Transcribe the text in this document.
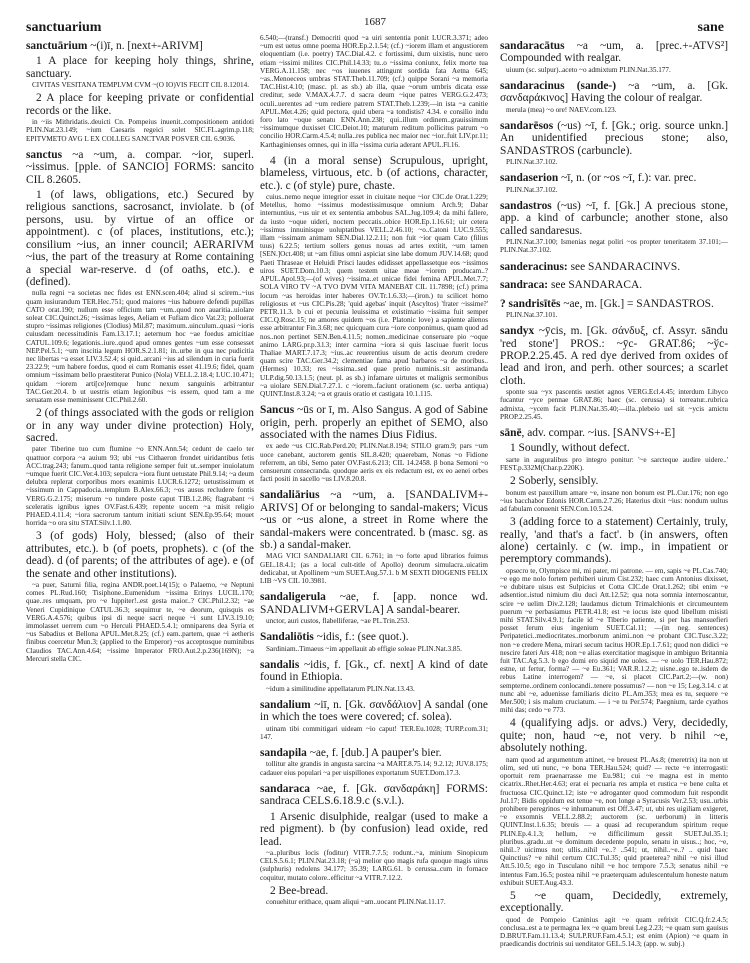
sanctuarium	1687	sane

sanctuārium ~(i)ī, n. [next+-ARIVM]

1 A place for keeping holy things, shrine, sanctuary.

CIVITAS VESITANA TEMPLVM CVM ~(O IO)VIS FECIT CIL 8.12014.

2 A place for keeping private or confidential records or the like.

in ~iis Mithridatis..deuicti Cn. Pompeius inuenit..compositionem antidoti PLIN.Nat.23.149; ~ium Caesaris regeici solet SIC.FL.agrim.p.118; EPITVMETO AVG L EX COLLEG SANCTVAR POSVER CIL 6.9036.

sanctus ~a ~um, a. compar. ~ior, superl. ~issimus. [pple. of SANCIO] FORMS: sancito CIL 8.2605.

1 (of laws, obligations, etc.) Secured by religious sanctions, sacrosanct, inviolate. b (of persons, usu. by virtue of an office or appointment). c (of places, institutions, etc.); consilium ~ius, an inner council; AERARIVM ~ius, the part of the treasury at Rome containing a special war-reserve. d (of oaths, etc.). e (defined).

nulla regni ~a societas nec fides est ENN.scen.404; aliud si scirem..~ius quam iusiurandum TER.Hec.751; quod maiores ~ius habuere defendi pupillas CATO orat.190; nullum esse officium tam ~um..quod non auaritia..uiolare soleat CIC.Quinct.26; ~issimas leges, Aeliam et Fufiam dico Vat.23; polluerat stupro ~issimas religiones (Clodius) Mil.87; maximum..uinculum..quasi ~ioris cuiusdam necessitudinis Fam.13.17.1; aeternum hoc ~ae foedus amicitiae CATUL.109.6; legationis..iure..quod apud omnes gentes ~um esse consesset NEP.Pel.5.1; ~um inscitia legum HOR.S.2.1.81; in..urbe in qua nec pudicitia nec libertas ~a esset LIV.3.52.4; si quid..arcani ~ius ad silendum in curia fuerit 23.22.9; ~um habere foedus, quod ei cum Romanis esset 41.19.6; fidei, quam omnium ~issimam bello praestiterat Punico (Nola) VELL.2.18.4; LUC.10.471; quidam ~iorem arti[ce]remque hunc nexum sanguinis arbitrantur TAC.Ger.20.4. b ut uestris etiam legionibus ~is essem, quod tam a me seruatam esse meminissent CIC.Phil.2.60.

2 (of things associated with the gods or religion or in any way under divine protection) Holy, sacred.

pater Tiberine tuo cum flumine ~o ENN.Ann.54; cedunt de caelo ter quattuor corpora ~a auium 93; ubi ~us Cithaeron frondet uiridantibus fetis ACC.trag.243; fanum..quod tanta religione semper fuit ut..semper inuiolatum ~umque fuerit CIC.Ver.4.103; sepulcra ~iora fiunt uetustate Phil.9.14; ~a deum delubra replerat corporibus mors exanimis LUCR.6.1272; uetustissimum et ~issimum in Cappadocia..templum B.Alex.66.3; ~os ausus recludere fontis VERG.G.2.175; miserum ~o tundere poste caput TIB.1.2.86; flagrabant ~i sceleratis ignibus ignes OV.Fast.6.439; repente uocem ~a misit religio PHAED.4.11.4; ~iora sacrorum tantum initiati sciunt SEN.Ep.95.64; mouet horrida ~o ora situ STAT.Silv.1.1.80.

3 (of gods) Holy, blessed; (also of their attributes, etc.). b (of poets, prophets). c (of the dead). d (of parents; of the attributes of age). e (of the senate and other institutions).

~a puer, Saturni filia, regina ANDR.poet.14(15); o Palaemo, ~e Neptuni comes PL.Rud.160; Tisiphone..Eumenidum ~issima Erinys LUCIL.170; quae..res umquam, pro ~e Iuppiter!..est gesta maior..? CIC.Phil.2.32; ~ae Veneri Cupidinique CATUL.36.3; sequimur te, ~e deorum, quisquis es VERG.A.4.576; quibus ipsi di neque sacri neque ~i sunt LIV.3.19.10; immolasset uerrem cum ~o Herculi PHAED.5.4.1; omniparens dea Syria et ~us Sabadius et Bellona APUL.Met.8.25; (cf.) eam..partem, quae ~i aetheris finibus coercetur Mun.3; (applied to the Emperor) ~os acceptosque numinibus Claudios TAC.Ann.4.64; ~issime Imperator FRO.Aut.2.p.236(169N); ~a Mercuri stella CIC.

6.540;—(transf.) Democriti quod ~a uiri sententia ponit LUCR.3.371; adeo ~um est uetus omne poema HOR.Ep.2.1.54; (cf.) ~iorem illam et angustiorem eloquentiam (i.e. poetry) TAC.Dial.4.2. c fortissimi, dum uixistis, nunc uero etiam ~issimi milites CIC.Phil.14.33; tu..o ~issima coniunx, felix morte tua VERG.A.11.158; nec ~os iuuenes attingunt sordida fata Aetna 645; ~as..Menoeceos umbras STAT.Theb.11.709; (cf.) quippe Sorani ~a memoria TAC.Hist.4.10; (masc. pl. as sb.) ab illa, quae ~orum umbris dicata esse creditur, sede V.MAX.4.7.7. d sacra deum ~ique patres VERG.G.2.473; oculi..uerentes ad ~um rediere patrem STAT.Theb.1.239;—in ista ~a canitie APUL.Met.4.26; quid pectora, quid ubera ~a tondistis? 4.34. e consilio indu foro lato ~oque senatu ENN.Ann.238; qui..illum ordinem..grauissimum ~issimumque duxisset CIC.Deiot.10; maturum reditum pollicitus patrum ~o concilio HOR.Carm.4.5.4; nulla..res publica nec maior nec ~ior..fuit LIV.pr.11; Karthaginienses omnes, qui in illa ~issima curia aderant APUL.Fl.16.

4 (in a moral sense) Scrupulous, upright, blameless, virtuous, etc. b (of actions, character, etc.). c (of style) pure, chaste.

cuius..nemo neque integrior esset in ciuitate neque ~ior CIC.de Orat.1.229; Metellus, homo ~issimus modestissimusque omnium Arch.9; Dabar internuntius, ~us uir et ex sententia ambobus SAL.Jug.109.4; da mihi fallere, da iusto ~oque uideri, noctem peccatis..obice HOR.Ep.1.16.61; uir cetera ~issimus innuinisque uoluptatibus VELL.2.46.10; ~o..Catoni LUC.9.555; illam ~issimam animam SEN.Dial.12.2.11; non fuit ~ior quam Cato (filius tuus) 6.22.5; tertium sollers genus nouas ad artes extitit, ~um tamen [SEN.]Oct.408; ut ~am filius omni aspiciat sine labe domum JUV.14.68; quod Paeti Thraseae et Heluidi Prisci laudes edidisset appellassetque eos ~issimos uiros SUET.Dom.10.3; quem testem uitae meae ~iorem producam..? APUL.Apol.93;—(of wives) ~issima..et unicae fidei femina APUL.Met.7.7; SOLA VIRO TV ~A TVO DVM VITA MANEBAT CIL 11.7898; (cf.) prima locum ~as heroidas inter haberes OV.Tr.1.6.33;—(iron.) tu scilicet homo religiosus et ~us CIC.Pis.28; 'quid agebas' inquit (Ascyltos) 'frater ~issime?' PETR.11.3. b cui et pecunia leuissima et existimatio ~issima fuit semper CIC.Q.Rosc.15; ne amores quidem ~os (i.e. Platonic love) a sapiente alienos esse arbitrantur Fin.3.68; nec quicquam cura ~iore conponimus, quam quod ad nos..non pertinet SEN.Ben.4.11.5; nomen..medicinae conseruare pio ~oque animo LARG.pr.p.3.l.3; inter carmina ~iora si quis lasciuae fuerit locus Thaliae MART.7.17.3; ~ius..ac reuerentius uisum de actis deorum credere quam scire TAC.Ger.34.2; clementiae fama apud barbaros ~a de moribus..(Hermes) 10.33; res ~issima..sed quae pretio numinis..sit aestimanda ULP.dig.50.13.1.5; (neut. pl. as sb.) infamare uirtutes et malignis sermonibus ~a uiolare SEN.Dial.7.27.1. c ~iorem..faciunt orationem (sc. uerba antiqua) QUINT.Inst.8.3.24; ~a et grauis oratio et castigata 10.1.115.

Sancus ~ūs or ī, m. Also Sangus. A god of Sabine origin, perh. properly an epithet of SEMO, also associated with the names Dius Fidius.

ex aede ~us CIC.Rab.Perd.20; PLIN.Nat.8.194; STILO gram.9; pars ~um uoce canebant, auctorem gentis SIL.8.420; quaerebam, Nonas ~o Fidione referrem, an tibi, Semo pater OV.Fast.6.213; CIL 14.2458. β bona Semoni ~o censuerunt consecranda. quodque aeris ex eis redactum est, ex eo aenei orbes facti positi in sacello ~us LIV.8.20.8.

sandaliārius ~a ~um, a. [SANDALIVM+-ARIVS] Of or belonging to sandal-makers; Vicus ~us or ~us alone, a street in Rome where the sandal-makers were concentrated. b (masc. sg. as sb.) a sandal-maker.

MAG VICI SANDALIARI CIL 6.761; in ~o forte apud librarios fuimus GEL.18.4.1; (as a local cult-title of Apollo) deorum simulacra..uicatim dedicabat, ut Apollinem ~um SUET.Aug.57.1. b M SEXTI DIOGENIS FELIX LIB ~VS CIL 10.3981.

sandaligerula ~ae, f. [app. nonce wd. SANDALIVM+GERVLA] A sandal-bearer.

unctor, auri custos, flabelliferae, ~ae PL.Trin.253.

Sandaliōtis ~idis, f.: (see quot.).

Sardiniam..Timaeus ~im appellauit ab effigie soleae PLIN.Nat.3.85.

sandalis ~idis, f. [Gk., cf. next] A kind of date found in Ethiopia.

~idum a similitudine appellatarum PLIN.Nat.13.43.

sandalium ~iī, n. [Gk. σανδάλιον] A sandal (one in which the toes were covered; cf. solea).

utinam tibi commitigari uideam ~io caput! TER.Eu.1028; TURP.com.31; 147.

sandapila ~ae, f. [dub.] A pauper's bier.

tollitur alte grandis in angusta sarcina ~a MART.8.75.14; 9.2.12; JUV.8.175; cadauer eius populari ~a per uispillones exportatum SUET.Dom.17.3.

sandaraca ~ae, f. [Gk. σανδαράκη] FORMS: sandraca CELS.6.18.9.c (s.v.l.).

1 Arsenic disulphide, realgar (used to make a red pigment). b (by confusion) lead oxide, red lead.

~a..pluribus locis (foditur) VITR.7.7.5; rodunt..~a, minium Sinopicum CELS.5.6.1; PLIN.Nat.23.18; (~a) melior quo magis rufa quoque magis uirus (sulphuris) redolens 34.177; 35.39; LARG.61. b cerussa..cum in fornace coquitur, mutato colore..efficitur ~a VITR.7.12.2.

2 Bee-bread.

conuehitur erithace, quam aliqui ~am..uocant PLIN.Nat.11.17.

sandaracātus ~a ~um, a. [prec.+-ATVS²] Compounded with realgar.

uiuum (sc. sulpur)..aceto ~o admixtum PLIN.Nat.35.177.

sandaracinus (sande-) ~a ~um, a. [Gk. σανδαράκινος] Having the colour of realgar.

merula (mea) ~o ore! NAEV.com.123.

sandarēsos (~us) ~ī, f. [Gk.; orig. source unkn.] An unidentified precious stone; also, SANDASTROS (carbuncle).

PLIN.Nat.37.102.

sandaserion ~ī, n. (or ~os ~ī, f.): var. prec.

PLIN.Nat.37.102.

sandastros (~us) ~ī, f. [Gk.] A precious stone, app. a kind of carbuncle; another stone, also called sandaresus.

PLIN.Nat.37.100; Ismenias negat poliri ~os propter teneritatem 37.101;—PLIN.Nat.37.102.

sanderacinus: see SANDARACINVS.

sandraca: see SANDARACA.

? sandrisītēs ~ae, m. [Gk.] = SANDASTROS.

PLIN.Nat.37.101.

sandyx ~ȳcis, m. [Gk. σάνδυξ, cf. Assyr. sāndu 'red stone'] PROS.: ~ȳc- GRAT.86; ~ўc- PROP.2.25.45. A red dye derived from oxides of lead and iron, and perh. other sources; a scarlet cloth.

sponte sua ~yx pascentis uestiet agnos VERG.Ecl.4.45; interdum Libyco fucantur ~yce pennae GRAT.86; haec (sc. cerussa) si torreatur..rubrica admixta, ~ycem facit PLIN.Nat.35.40;—illa..plebeio uel sit ~ycis amictu PROP.2.25.45.

sānē, adv. compar. ~ius. [SANVS+-E]

1 Soundly, without defect.

sarte in auguralibus pro integro ponitur: '~e sarcteque audire uidere..' FEST.p.332M(Char.p.220K).

2 Soberly, sensibly.

bonum est pauxillum amare ~e, insane non bonum est PL.Cur.176; non ego ~ius bacchabor Edonis HOR.Carm.2.7.26; Haterius dixit ~ius: nondum uultus ad fabulam conuenit SEN.Con.10.5.24.

3 (adding force to a statement) Certainly, truly, really, 'and that's a fact'. b (in answers, often alone) certainly. c (w. imp., in impatient or peremptory commands).

opsecro te, Olympisce mi, mi pater, mi patrone. — em, sapis ~e PL.Cas.740; ~e ego me nolo fortem perhiberi uirum Cist.232; haec cum Antonius dixisset, ~e dubitare uisus est Sulpicius et Cotta CIC.de Orat.1.262; tibi enim ~e adsentior..istud nimium diu duci Att.12.52; qua nota somnia internoscantur, scire ~e uelim Div.2.128; laudamus dictum Trimalchionis et circumeuntem puerum ~e perbasiamus PETR.41.8; est ~e iocus iste quod libellum misisti mihi STAT.Silv.4.9.1; facile id ~e Tiberio patiente, si per has mansuefieri posset ferum eius ingenium SUET.Cal.11; —(in neg. sentences) Peripatetici..mediocritates..morborum animi..non ~e probant CIC.Tusc.3.22; non ~e credere Mena, mirari secum tacitus HOR.Ep.1.7.61; quod non didici ~e nescire fateri Ars 418; non ~e alias exercitatior magisque in ambiguo Britannia fuit TAC.Ag.5.3. b ego domi ero siquid me uoles. — ~e uolo TER.Hau.872; estne, ut fertur, forma? — ~e Eu.361; VAR.R.1.2.2; uisne..ego te..isdem de rebus Latine interrogem? — ~e, si placet CIC.Part.2;—(w. non) sempterne..ordinem conlocandi..tenere possumus? — non ~e 15; Leg.3.14. c at nunc abi ~e, aduenisse familiaris dicito PL.Am.353; mea es tu, sequere ~e Mer.500; i sis malum cruciatum. — i ~e tu Per.574; Paegnium, tarde cyathos mihi das; cedo ~e 773.

4 (qualifying adjs. or advs.) Very, decidedly, quite; non, haud ~e, not very. b nihil ~e, absolutely nothing.

nam quod ad argumentum attinet, ~e breuest PL.As.8; (meretrix) ita non ut olim, sed uti nunc, ~e bona TER.Hau.524; quid? — recte ~e interrogasti: oportuit rem praenarrasse me Eu.981; cui ~e magna est in mento cicatrix..Rhet.Her.4.63; erat ei pecuaria res ampla et rustica ~e bene culta et fructuosa CIC.Quinct.12; iste ~e adroganter quod commodum fuit respondit Jul.17; Bidis oppidum est tenue ~e, non longe a Syracusis Ver.2.53; usu..urbis prohibere peregrinos ~e inhumanum est Off.3.47; ut, ubi res uigiliam exigeret, ~e exsomnis VELL.2.88.2; auctorem (sc. uerborum) in litteris QUINT.Inst.1.6.35; breuis — a quasi ad recuperandum spiritum reque PLIN.Ep.4.1.3; hellum, ~e difficilimum gessit SUET.Jul.35.1; pluribus..gradu..ut ~e dominum decedente populo, senatu in uisus..; hoc, ~e, nihil..? uicimus not; ullis..nihil ~e..? ..541; ut, nihil..~e..? .. quid haec Quinctius? ~e nihil certum CIC.Tul.35; quid praeterea? nihil ~e nisi illud Att.5.10.5; ego in Tusculano nihil ~e hoc tempore 7.5.3; senatus nihil ~e intentus Fam.16.5; postea nihil ~e praeterquam adulescentulum honeste natum exhibuit SUET.Aug.43.3.

5 ~e quam, Decidedly, extremely, exceptionally.

quod de Pompeio Caninius agit ~e quam refrixit CIC.Q.fr.2.4.5; conclusa..est a te permagna lex ~e quam breui Leg.2.23; ~e quam sum gauisus D.BRUT.Fam.11.13.4; SULP.RUF.Fam.4.5.1; est enim (Apion) ~e quam in praedicandis doctrinis sui uenditator GEL.5.14.3; (app. w. subj.)
